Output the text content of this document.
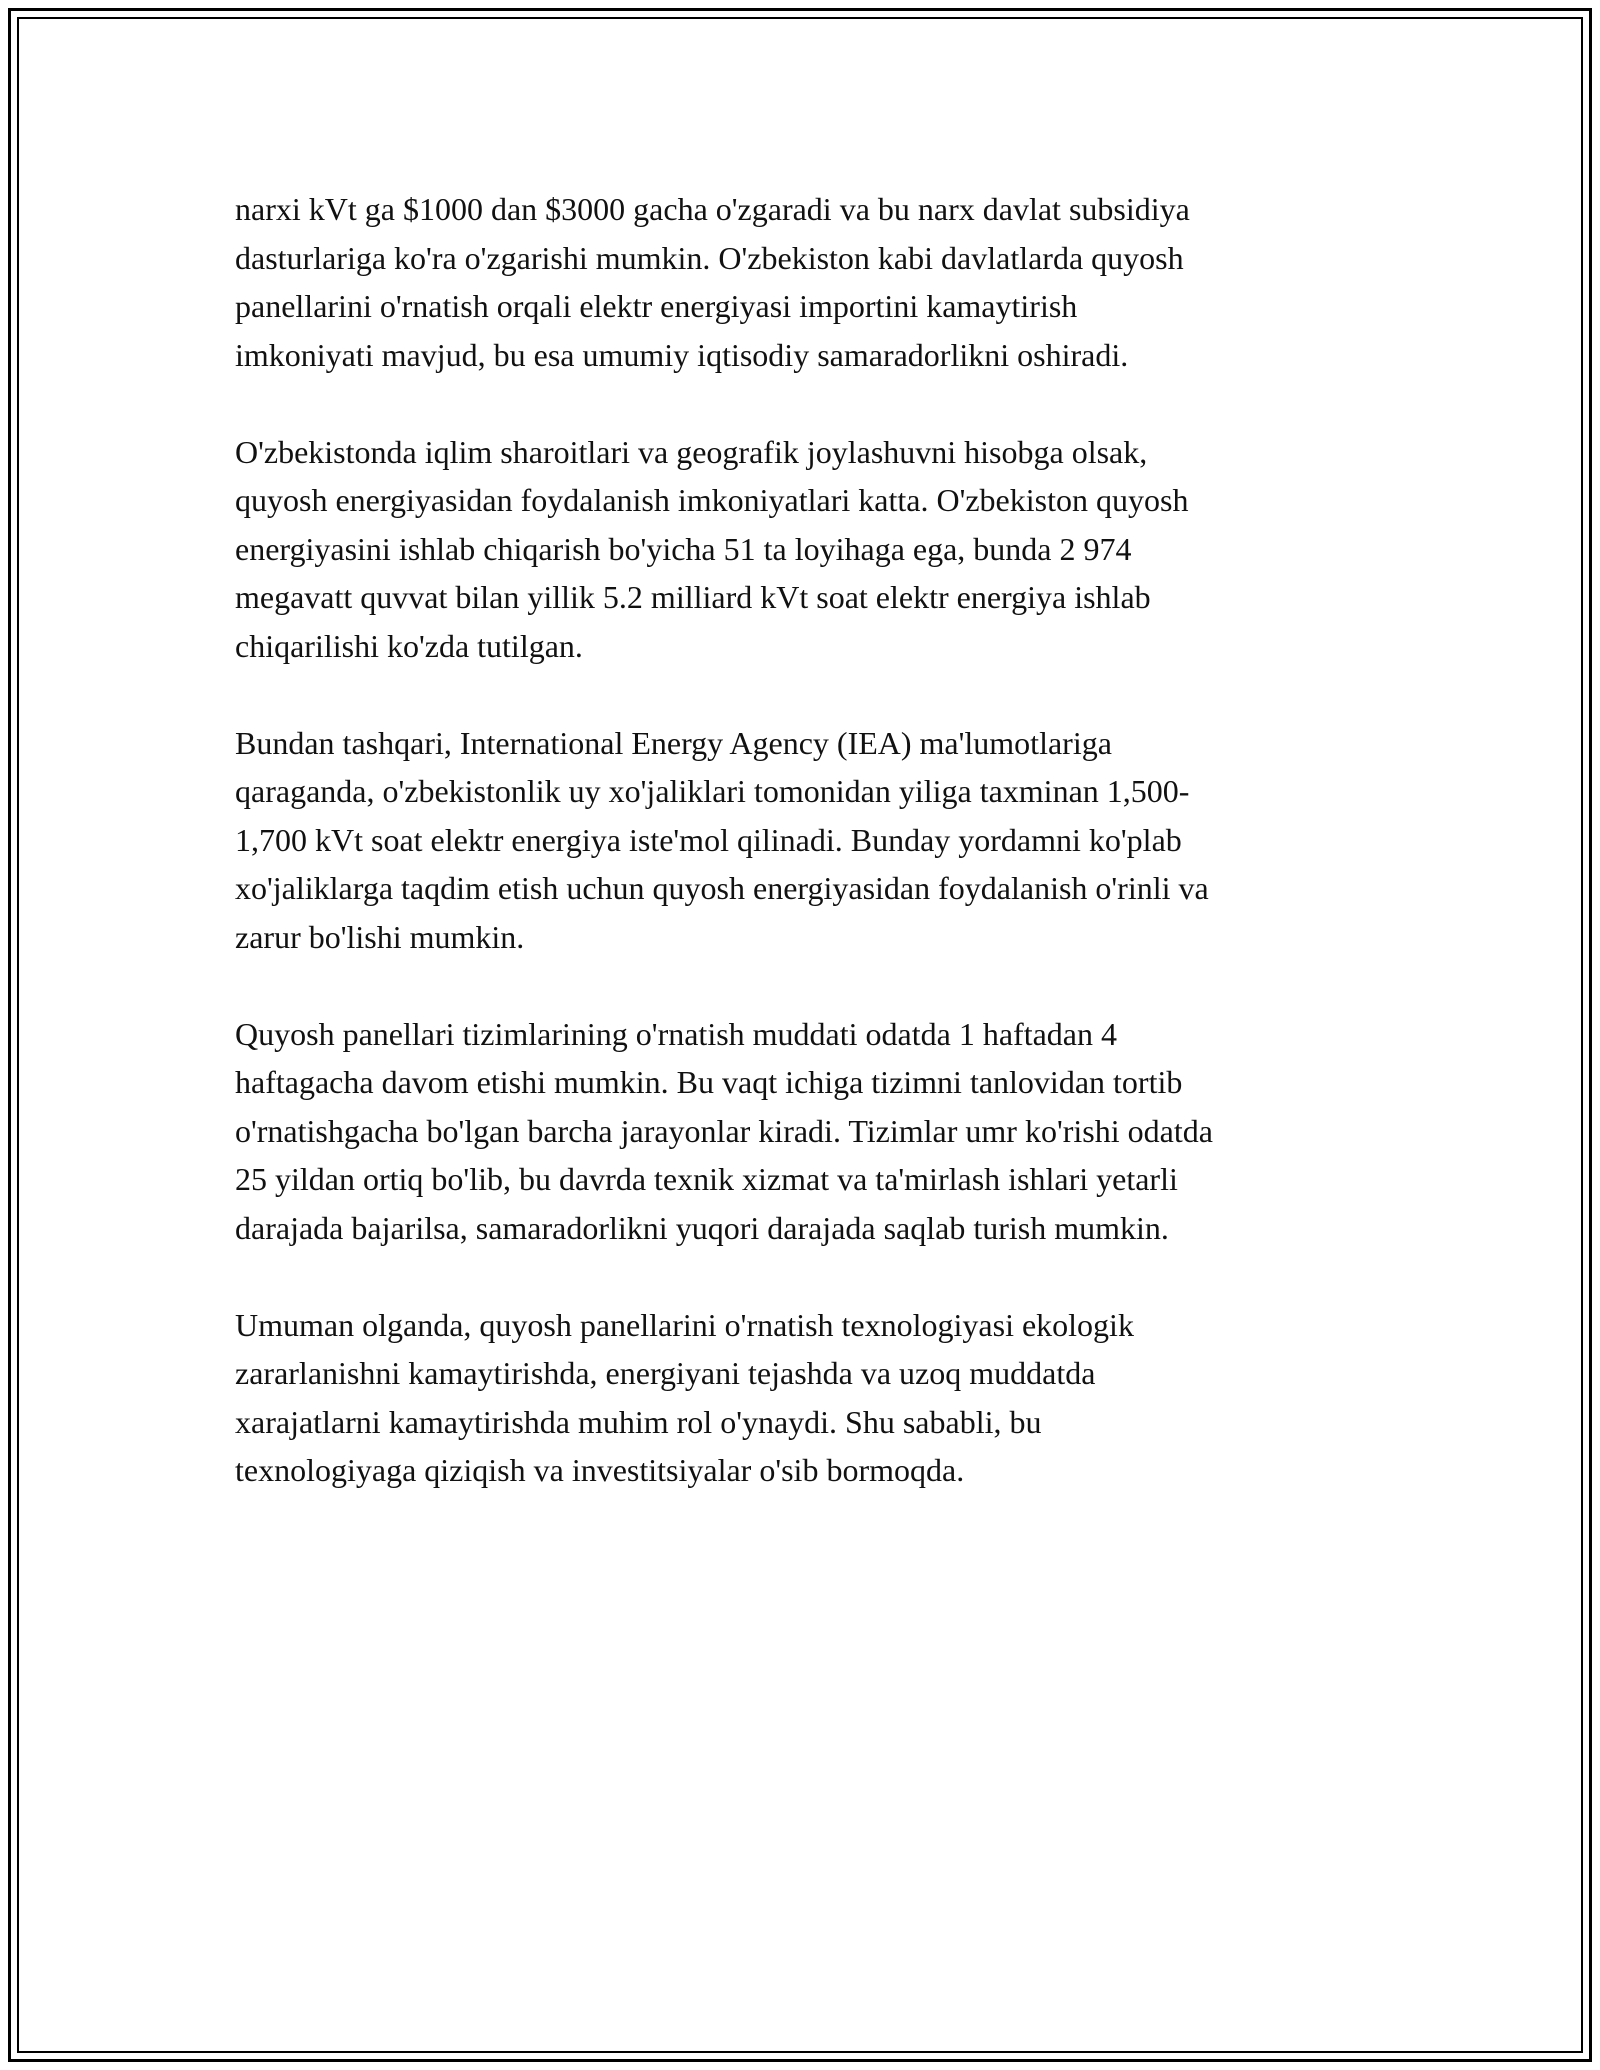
narxi kVt ga $1000 dan $3000 gacha o'zgaradi va bu narx davlat subsidiya
dasturlariga ko'ra o'zgarishi mumkin. O'zbekiston kabi davlatlarda quyosh
panellarini o'rnatish orqali elektr energiyasi importini kamaytirish
imkoniyati mavjud, bu esa umumiy iqtisodiy samaradorlikni oshiradi.

O'zbekistonda iqlim sharoitlari va geografik joylashuvni hisobga olsak,
quyosh energiyasidan foydalanish imkoniyatlari katta. O'zbekiston quyosh
energiyasini ishlab chiqarish bo'yicha 51 ta loyihaga ega, bunda 2 974
megavatt quvvat bilan yillik 5.2 milliard kVt soat elektr energiya ishlab
chiqarilishi ko'zda tutilgan.

Bundan tashqari, International Energy Agency (IEA) ma'lumotlariga
qaraganda, o'zbekistonlik uy xo'jaliklari tomonidan yiliga taxminan 1,500-
1,700 kVt soat elektr energiya iste'mol qilinadi. Bunday yordamni ko'plab
xo'jaliklarga taqdim etish uchun quyosh energiyasidan foydalanish o'rinli va
zarur bo'lishi mumkin.

Quyosh panellari tizimlarining o'rnatish muddati odatda 1 haftadan 4
haftagacha davom etishi mumkin. Bu vaqt ichiga tizimni tanlovidan tortib
o'rnatishgacha bo'lgan barcha jarayonlar kiradi. Tizimlar umr ko'rishi odatda
25 yildan ortiq bo'lib, bu davrda texnik xizmat va ta'mirlash ishlari yetarli
darajada bajarilsa, samaradorlikni yuqori darajada saqlab turish mumkin.

Umuman olganda, quyosh panellarini o'rnatish texnologiyasi ekologik
zararlanishni kamaytirishda, energiyani tejashda va uzoq muddatda
xarajatlarni kamaytirishda muhim rol o'ynaydi. Shu sababli, bu
texnologiyaga qiziqish va investitsiyalar o'sib bormoqda.
